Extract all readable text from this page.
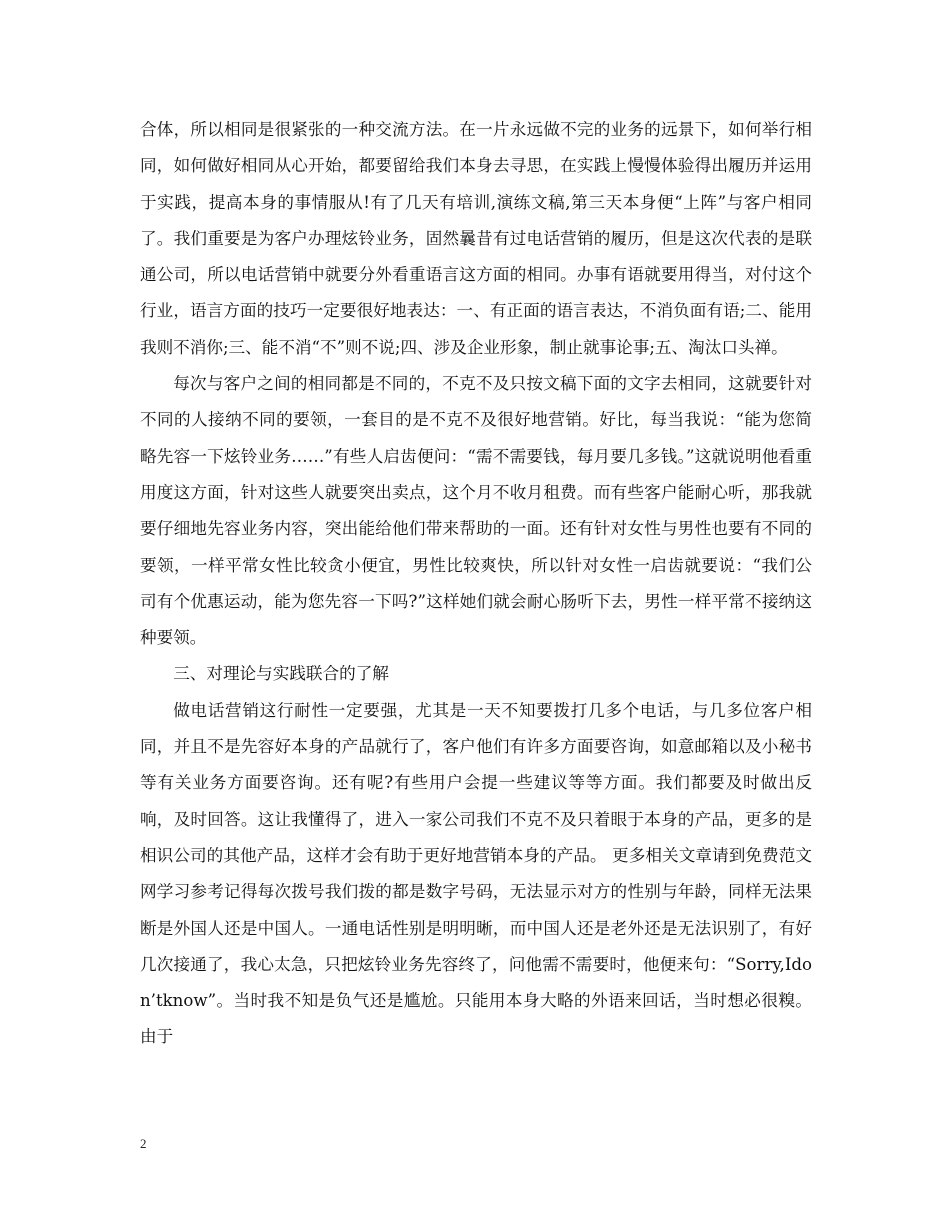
合体，所以相同是很紧张的一种交流方法。在一片永远做不完的业务的远景下，如何举行相同，如何做好相同从心开始，都要留给我们本身去寻思，在实践上慢慢体验得出履历并运用于实践，提高本身的事情服从!有了几天有培训,演练文稿,第三天本身便“上阵”与客户相同了。我们重要是为客户办理炫铃业务，固然曩昔有过电话营销的履历，但是这次代表的是联通公司，所以电话营销中就要分外看重语言这方面的相同。办事有语就要用得当，对付这个行业，语言方面的技巧一定要很好地表达：一、有正面的语言表达，不消负面有语;二、能用我则不消你;三、能不消“不”则不说;四、涉及企业形象，制止就事论事;五、淘汰口头禅。

每次与客户之间的相同都是不同的，不克不及只按文稿下面的文字去相同，这就要针对不同的人接纳不同的要领，一套目的是不克不及很好地营销。好比，每当我说：“能为您简略先容一下炫铃业务……”有些人启齿便问：“需不需要钱，每月要几多钱。”这就说明他看重用度这方面，针对这些人就要突出卖点，这个月不收月租费。而有些客户能耐心听，那我就要仔细地先容业务内容，突出能给他们带来帮助的一面。还有针对女性与男性也要有不同的要领，一样平常女性比较贪小便宜，男性比较爽快，所以针对女性一启齿就要说：“我们公司有个优惠运动，能为您先容一下吗?”这样她们就会耐心肠听下去，男性一样平常不接纳这种要领。

三、对理论与实践联合的了解

做电话营销这行耐性一定要强，尤其是一天不知要拨打几多个电话，与几多位客户相同，并且不是先容好本身的产品就行了，客户他们有许多方面要咨询，如意邮箱以及小秘书等有关业务方面要咨询。还有呢?有些用户会提一些建议等等方面。我们都要及时做出反响，及时回答。这让我懂得了，进入一家公司我们不克不及只着眼于本身的产品，更多的是相识公司的其他产品，这样才会有助于更好地营销本身的产品。 更多相关文章请到免费范文网学习参考记得每次拨号我们拨的都是数字号码，无法显示对方的性别与年龄，同样无法果断是外国人还是中国人。一通电话性别是明明晰，而中国人还是老外还是无法识别了，有好几次接通了，我心太急，只把炫铃业务先容终了，问他需不需要时，他便来句：“Sorry,Idon’tknow”。当时我不知是负气还是尴尬。只能用本身大略的外语来回话，当时想必很糗。由于

2
